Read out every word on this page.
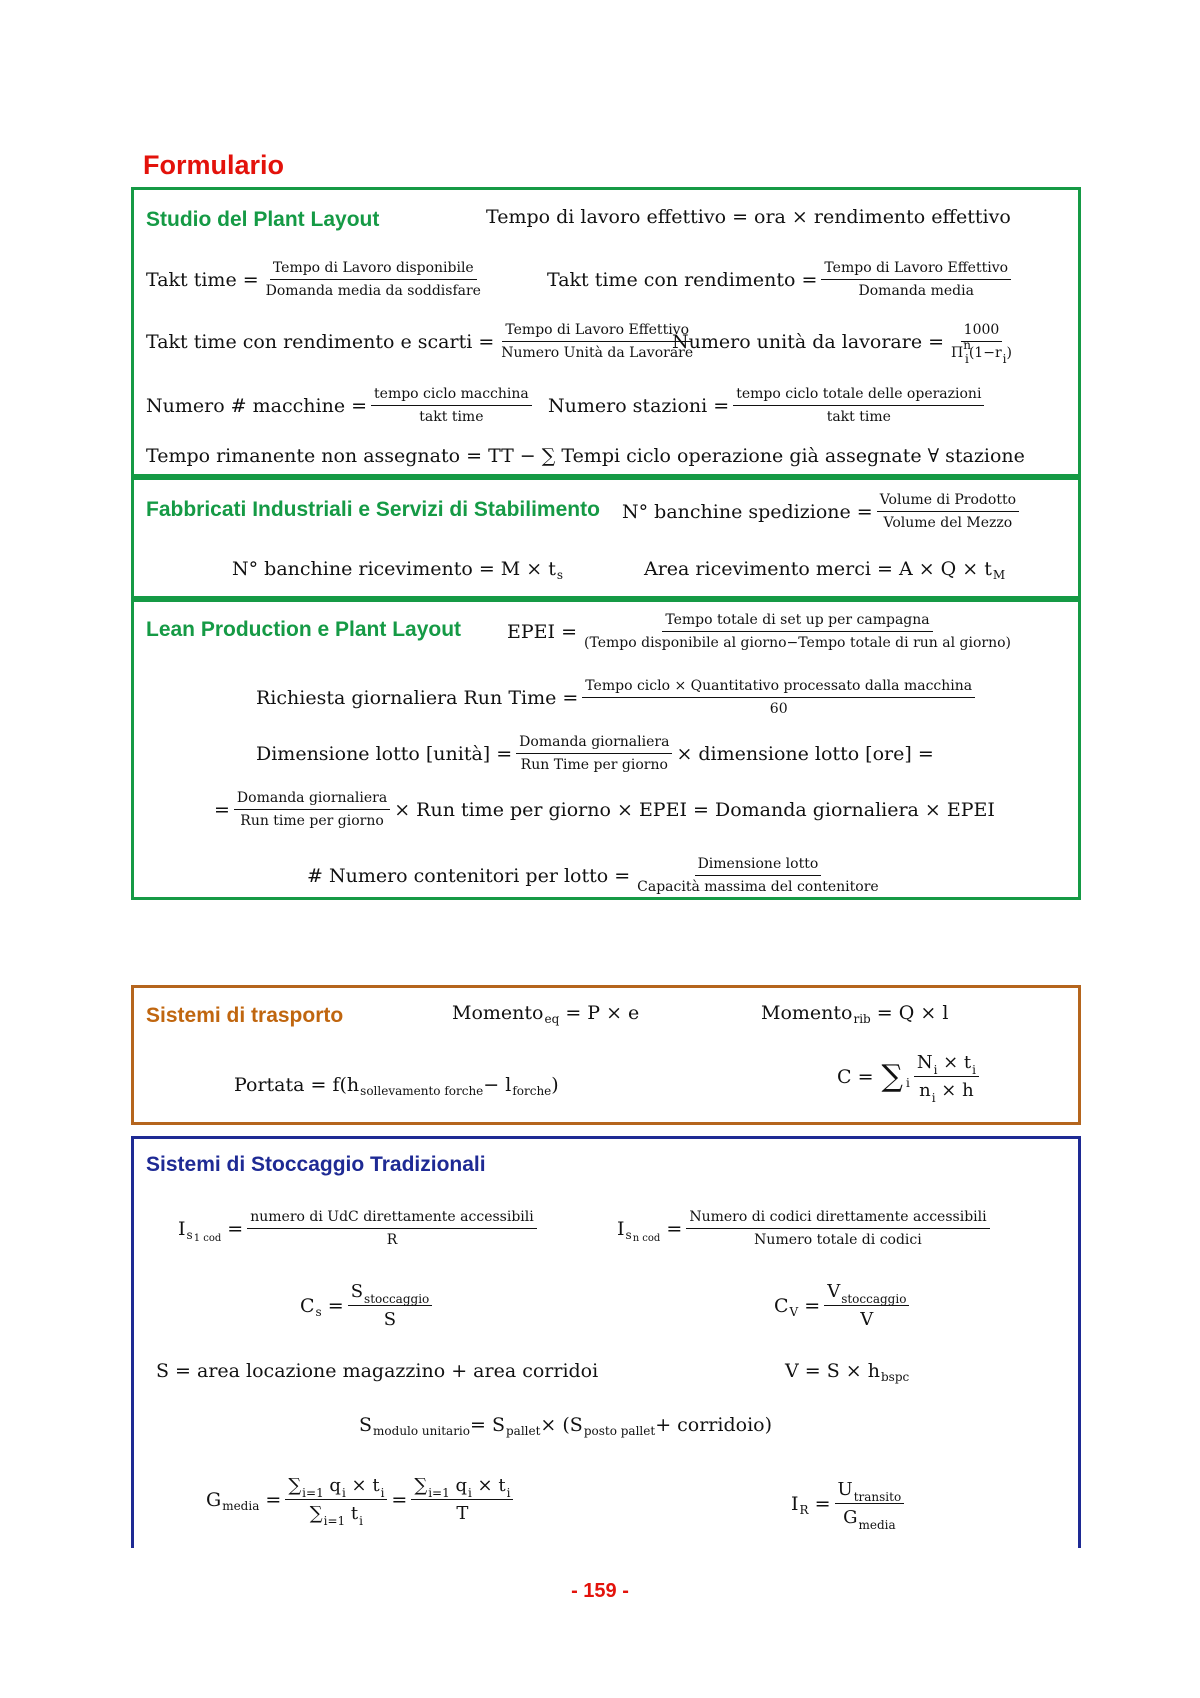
Formulario
Studio del Plant Layout	Tempo di lavoro effettivo = ora × rendimento effettivo
Takt time = $\frac{\text{Tempo di Lavoro disponibile}}{\text{Domanda media da soddisfare}}$	Takt time con rendimento = $\frac{\text{Tempo di Lavoro Effettivo}}{\text{Domanda media}}$
Takt time con rendimento e scarti = $\frac{\text{Tempo di Lavoro Effettivo}}{\text{Numero Unità da Lavorare}}$
Numero unità da lavorare = $\frac{1000}{\text{Πni(1−ri)}}$
Numero # macchine = $\frac{\text{tempo ciclo macchina}}{\text{takt time}}$ Numero stazioni = $\frac{\text{tempo ciclo totale delle operazioni}}{\text{takt time}}$
Tempo rimanente non assegnato = TT − ∑ Tempi ciclo operazione già assegnate ∀ stazione
Fabbricati Industriali e Servizi di Stabilimento N° banchine spedizione = $\frac{\text{Volume di Prodotto}}{\text{Volume del Mezzo}}$
N° banchine ricevimento = M × t s	Area ricevimento merci = A × Q × t M
Lean Production e Plant Layout EPEI = $\frac{\text{Tempo totale di set up per campagna}}{\text{(Tempo disponibile al giorno−Tempo totale di run al giorno)}}$
Richiesta giornaliera Run Time = $\frac{\text{Tempo ciclo × Quantitativo processato dalla macchina}}{60}$
Dimensione lotto [unità] = $\frac{\text{Domanda giornaliera}}{\text{Run Time per giorno}}$ × dimensione lotto [ore] =
= $\frac{\text{Domanda giornaliera}}{\text{Run time per giorno}}$ × Run time per giorno × EPEI = Domanda giornaliera × EPEI
# Numero contenitori per lotto = $\frac{\text{Dimensione lotto}}{\text{Capacità massima del contenitore}}$
Sistemi di trasporto	Momento eq
= P × e	Momento rib
= Q × l
Portata = f(h sollevamento forche − l forche )	C =
∑ i $\frac{N_i \times t_i}{n_i \times h}$
Sistemi di Stoccaggio Tradizionali
I s 1 cod = $\frac{\text{numero di UdC direttamente accessibili}}{R}$	I s n cod = $\frac{\text{Numero di codici direttamente accessibili}}{\text{Numero totale di codici}}$
C $s = \frac{S_{stoccaggio}}{S}$	C $V = \frac{V_{stoccaggio}}{V}$
S = area locazione magazzino + area corridoi	V = S × h bspc
S modulo unitario = S pallet × (S posto pallet + corridoio)
G media = $\frac{\sum_{i=1} q_i \times t_i}{\sum_{i=1} t_i} = \frac{\sum_{i=1} q_i \times t_i}{T}$	I $R = \frac{U_{transito}}{G_{media}}$
- 159 -
